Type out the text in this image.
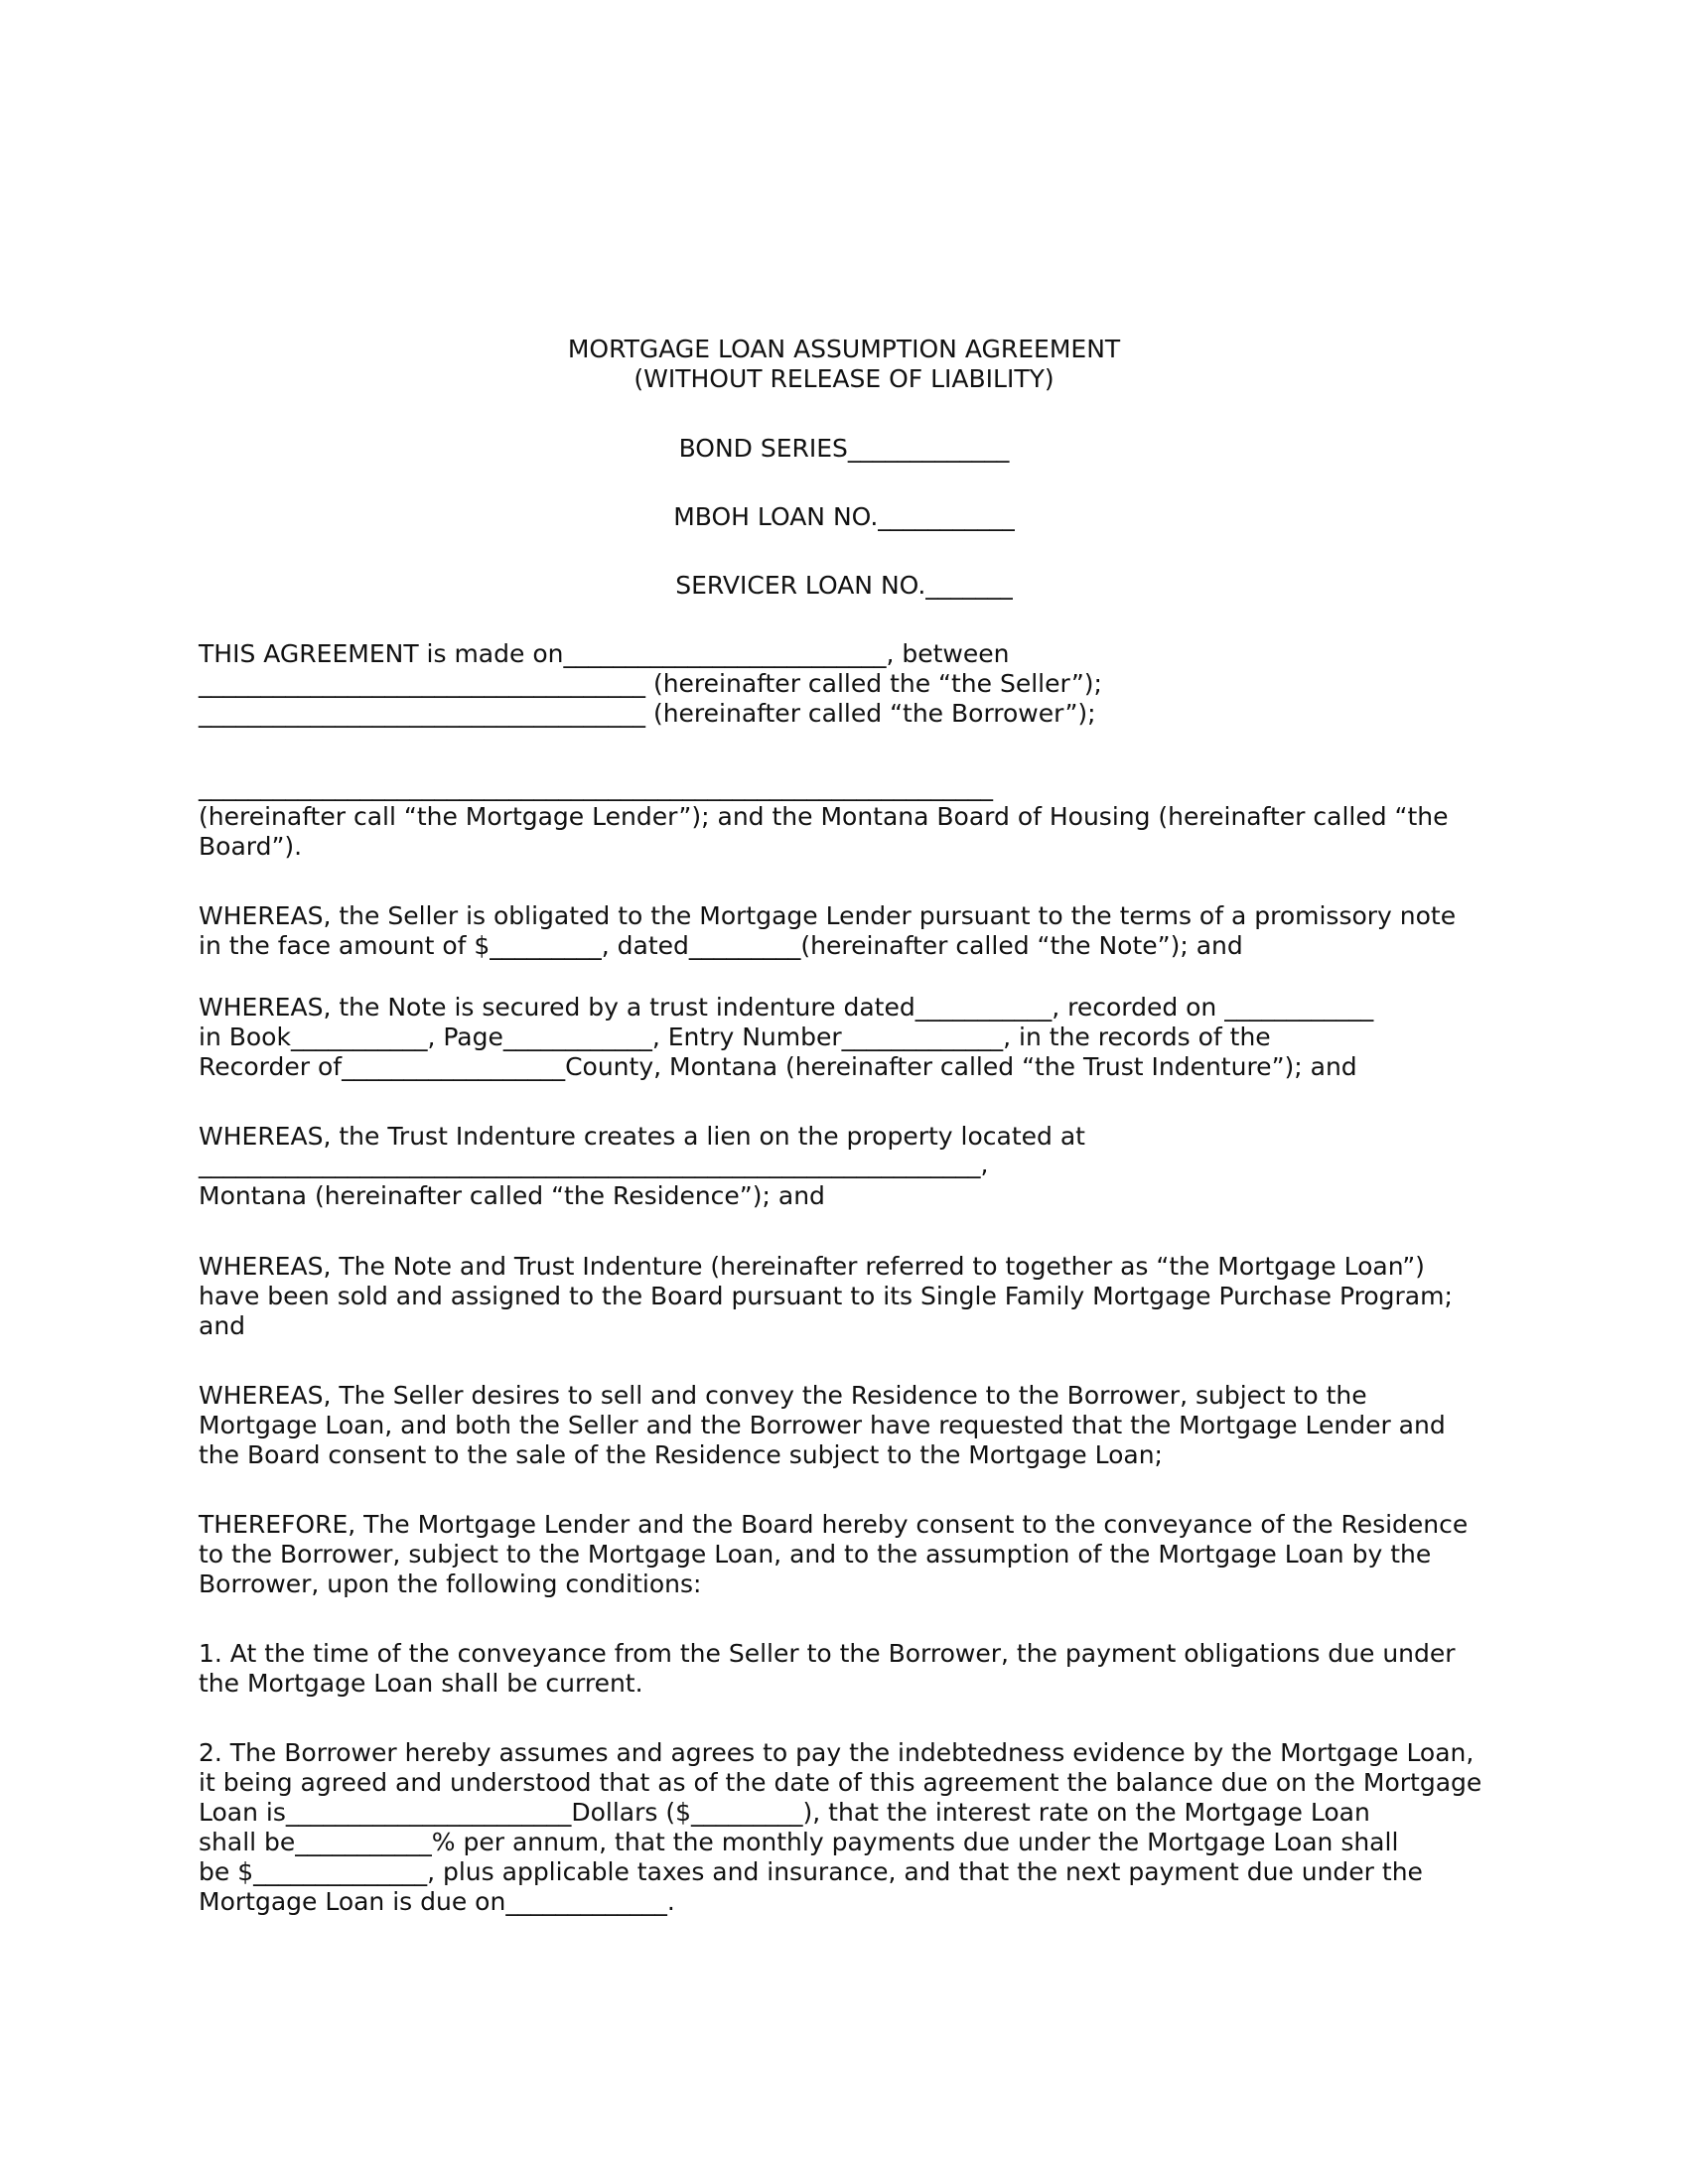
MORTGAGE LOAN ASSUMPTION AGREEMENT
(WITHOUT RELEASE OF LIABILITY)
BOND SERIES_____________
MBOH LOAN NO.___________
SERVICER LOAN NO._______
THIS AGREEMENT is made on__________________________, between
____________________________________ (hereinafter called the “the Seller”);
____________________________________ (hereinafter called “the Borrower”);
________________________________________________________________
(hereinafter call “the Mortgage Lender”); and the Montana Board of Housing (hereinafter called “the
Board”).
WHEREAS, the Seller is obligated to the Mortgage Lender pursuant to the terms of a promissory note
in the face amount of $_________, dated_________(hereinafter called “the Note”); and
WHEREAS, the Note is secured by a trust indenture dated___________, recorded on ____________
in Book___________, Page____________, Entry Number_____________, in the records of the
Recorder of__________________County, Montana (hereinafter called “the Trust Indenture”); and
WHEREAS, the Trust Indenture creates a lien on the property located at
_______________________________________________________________,
Montana (hereinafter called “the Residence”); and
WHEREAS, The Note and Trust Indenture (hereinafter referred to together as “the Mortgage Loan”)
have been sold and assigned to the Board pursuant to its Single Family Mortgage Purchase Program;
and
WHEREAS, The Seller desires to sell and convey the Residence to the Borrower, subject to the
Mortgage Loan, and both the Seller and the Borrower have requested that the Mortgage Lender and
the Board consent to the sale of the Residence subject to the Mortgage Loan;
THEREFORE, The Mortgage Lender and the Board hereby consent to the conveyance of the Residence
to the Borrower, subject to the Mortgage Loan, and to the assumption of the Mortgage Loan by the
Borrower, upon the following conditions:
1. At the time of the conveyance from the Seller to the Borrower, the payment obligations due under
the Mortgage Loan shall be current.
2. The Borrower hereby assumes and agrees to pay the indebtedness evidence by the Mortgage Loan,
it being agreed and understood that as of the date of this agreement the balance due on the Mortgage
Loan is_______________________Dollars ($_________), that the interest rate on the Mortgage Loan
shall be___________% per annum, that the monthly payments due under the Mortgage Loan shall
be $______________, plus applicable taxes and insurance, and that the next payment due under the
Mortgage Loan is due on_____________.
